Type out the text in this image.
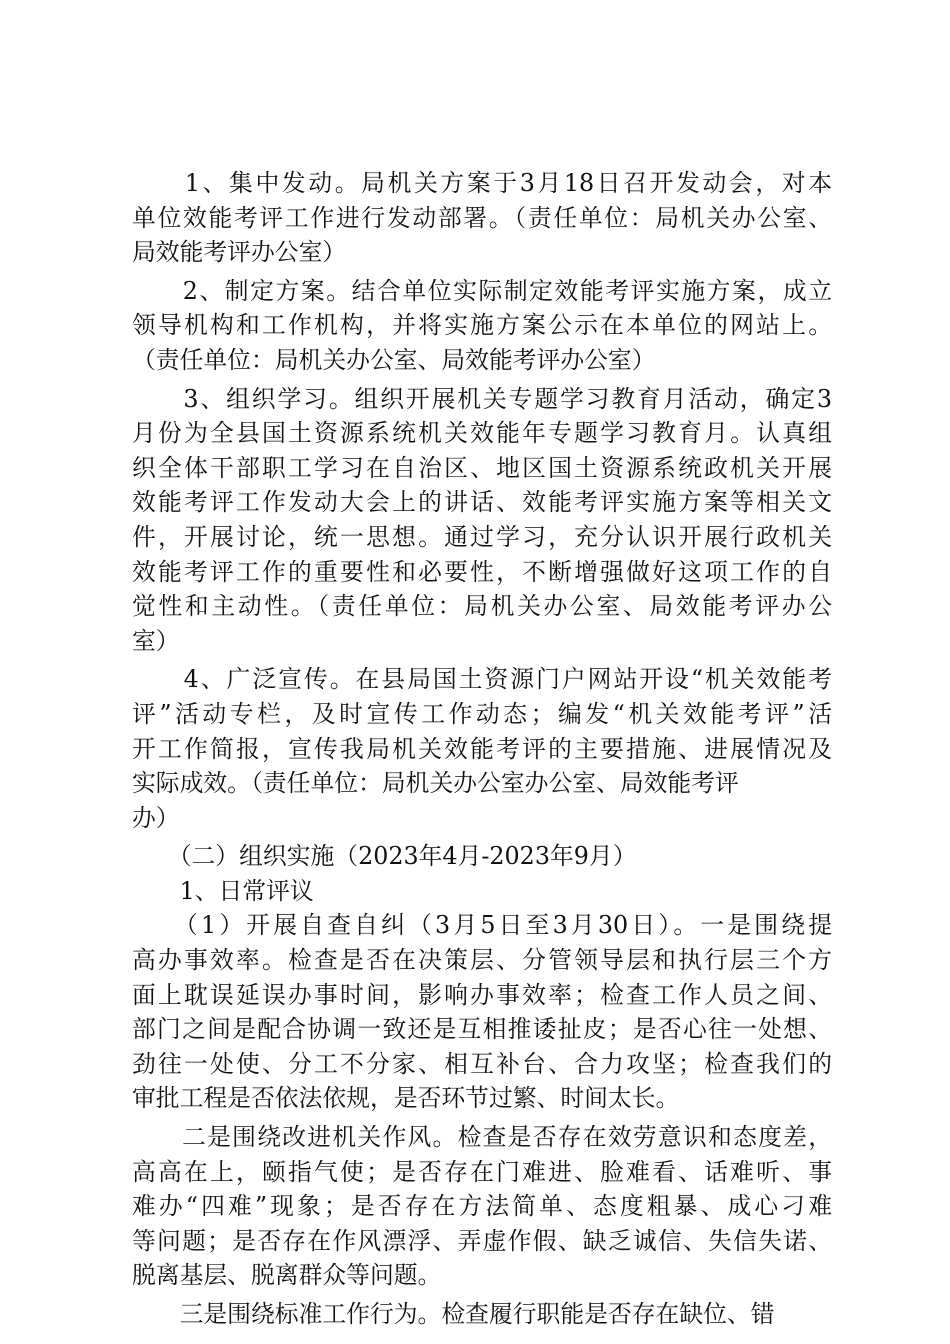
　　1、集中发动。局机关方案于3月18日召开发动会，对本
单位效能考评工作进行发动部署。（责任单位：局机关办公室、
局效能考评办公室）
　　2、制定方案。结合单位实际制定效能考评实施方案，成立
领导机构和工作机构，并将实施方案公示在本单位的网站上。
（责任单位：局机关办公室、局效能考评办公室）
　　3、组织学习。组织开展机关专题学习教育月活动，确定3
月份为全县国土资源系统机关效能年专题学习教育月。认真组
织全体干部职工学习在自治区、地区国土资源系统政机关开展
效能考评工作发动大会上的讲话、效能考评实施方案等相关文
件，开展讨论，统一思想。通过学习，充分认识开展行政机关
效能考评工作的重要性和必要性，不断增强做好这项工作的自
觉性和主动性。（责任单位：局机关办公室、局效能考评办公
室）
　　4、广泛宣传。在县局国土资源门户网站开设“机关效能考
评”活动专栏，及时宣传工作动态；编发“机关效能考评”活
开工作简报，宣传我局机关效能考评的主要措施、进展情况及
实际成效。（责任单位：局机关办公室办公室、局效能考评
办）
　　（二）组织实施（2023年4月-2023年9月）
　　1、日常评议
　　（1）开展自查自纠（3月5日至3月30日）。一是围绕提
高办事效率。检查是否在决策层、分管领导层和执行层三个方
面上耽误延误办事时间，影响办事效率；检查工作人员之间、
部门之间是配合协调一致还是互相推诿扯皮；是否心往一处想、
劲往一处使、分工不分家、相互补台、合力攻坚；检查我们的
审批工程是否依法依规，是否环节过繁、时间太长。
　　二是围绕改进机关作风。检查是否存在效劳意识和态度差，
高高在上，颐指气使；是否存在门难进、脸难看、话难听、事
难办“四难”现象；是否存在方法简单、态度粗暴、成心刁难
等问题；是否存在作风漂浮、弄虚作假、缺乏诚信、失信失诺、
脱离基层、脱离群众等问题。
　　三是围绕标准工作行为。检查履行职能是否存在缺位、错
